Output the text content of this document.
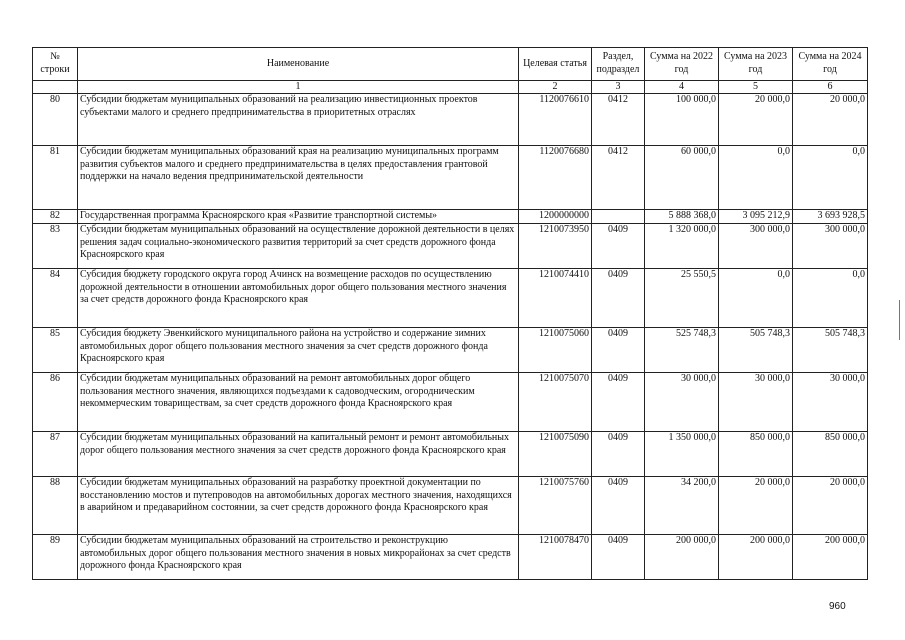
№ строки	Наименование	Целевая статья	Раздел, подраздел	Сумма на 2022 год	Сумма на 2023 год	Сумма на 2024 год
	1	2	3	4	5	6
80	Субсидии бюджетам муниципальных образований на реализацию инвестиционных проектов субъектами малого и среднего предпринимательства в приоритетных отраслях	1120076610	0412	100 000,0	20 000,0	20 000,0
81	Субсидии бюджетам муниципальных образований края на реализацию муниципальных программ развития субъектов малого и среднего предпринимательства в целях предоставления грантовой поддержки на начало ведения предпринимательской деятельности	1120076680	0412	60 000,0	0,0	0,0
82	Государственная программа Красноярского края «Развитие транспортной системы»	1200000000		5 888 368,0	3 095 212,9	3 693 928,5
83	Субсидии бюджетам муниципальных образований на осуществление дорожной деятельности в целях решения задач социально-экономического развития территорий за счет средств дорожного фонда Красноярского края	1210073950	0409	1 320 000,0	300 000,0	300 000,0
84	Субсидия бюджету городского округа город Ачинск на возмещение расходов по осуществлению дорожной деятельности в отношении автомобильных дорог общего пользования местного значения за счет средств дорожного фонда Красноярского края	1210074410	0409	25 550,5	0,0	0,0
85	Субсидия бюджету Эвенкийского муниципального района на устройство и содержание зимних автомобильных дорог общего пользования местного значения за счет средств дорожного фонда Красноярского края	1210075060	0409	525 748,3	505 748,3	505 748,3
86	Субсидии бюджетам муниципальных образований на ремонт автомобильных дорог общего пользования местного значения, являющихся подъездами к садоводческим, огородническим некоммерческим товариществам, за счет средств дорожного фонда Красноярского края	1210075070	0409	30 000,0	30 000,0	30 000,0
87	Субсидии бюджетам муниципальных образований на капитальный ремонт и ремонт автомобильных дорог общего пользования местного значения за счет средств дорожного фонда Красноярского края	1210075090	0409	1 350 000,0	850 000,0	850 000,0
88	Субсидии бюджетам муниципальных образований на разработку проектной документации по восстановлению мостов и путепроводов на автомобильных дорогах местного значения, находящихся в аварийном и предаварийном состоянии, за счет средств дорожного фонда Красноярского края	1210075760	0409	34 200,0	20 000,0	20 000,0
89	Субсидии бюджетам муниципальных образований на строительство и реконструкцию автомобильных дорог общего пользования местного значения в новых микрорайонах за счет средств дорожного фонда Красноярского края	1210078470	0409	200 000,0	200 000,0	200 000,0
960
